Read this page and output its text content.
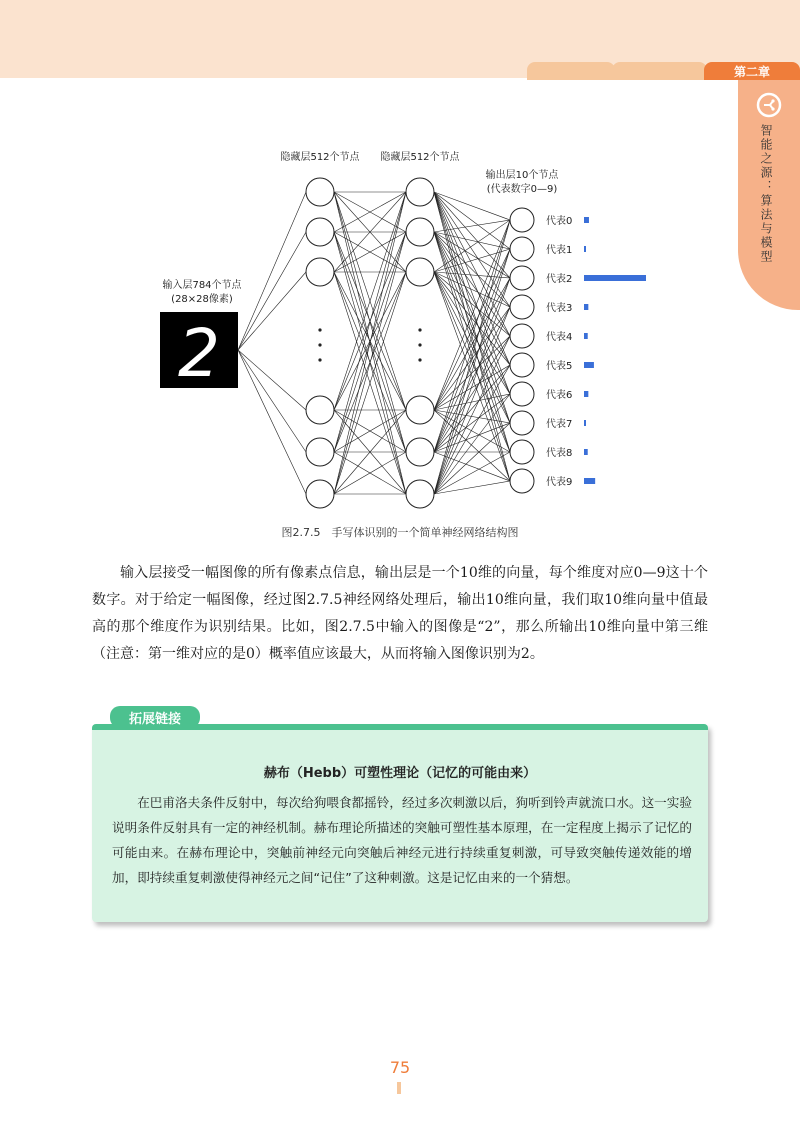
第二章
智能之源：算法与模型
隐藏层512个节点 隐藏层512个节点
输出层10个节点
(代表数字0—9)
输入层784个节点
(28×28像素)
2
代表0
代表1
代表2
代表3
代表4
代表5
代表6
代表7
代表8
代表9
图2.7.5　手写体识别的一个简单神经网络结构图
输入层接受一幅图像的所有像素点信息，输出层是一个10维的向量，每个维度对应0—9这十个数字。对于给定一幅图像，经过图2.7.5神经网络处理后，输出10维向量，我们取10维向量中值最高的那个维度作为识别结果。比如，图2.7.5中输入的图像是“2”，那么所输出10维向量中第三维（注意：第一维对应的是0）概率值应该最大，从而将输入图像识别为2。
赫布（Hebb）可塑性理论（记忆的可能由来）
在巴甫洛夫条件反射中，每次给狗喂食都摇铃，经过多次刺激以后，狗听到铃声就流口水。这一实验说明条件反射具有一定的神经机制。赫布理论所描述的突触可塑性基本原理，在一定程度上揭示了记忆的可能由来。在赫布理论中，突触前神经元向突触后神经元进行持续重复刺激，可导致突触传递效能的增加，即持续重复刺激使得神经元之间“记住”了这种刺激。这是记忆由来的一个猜想。
拓展链接
75
